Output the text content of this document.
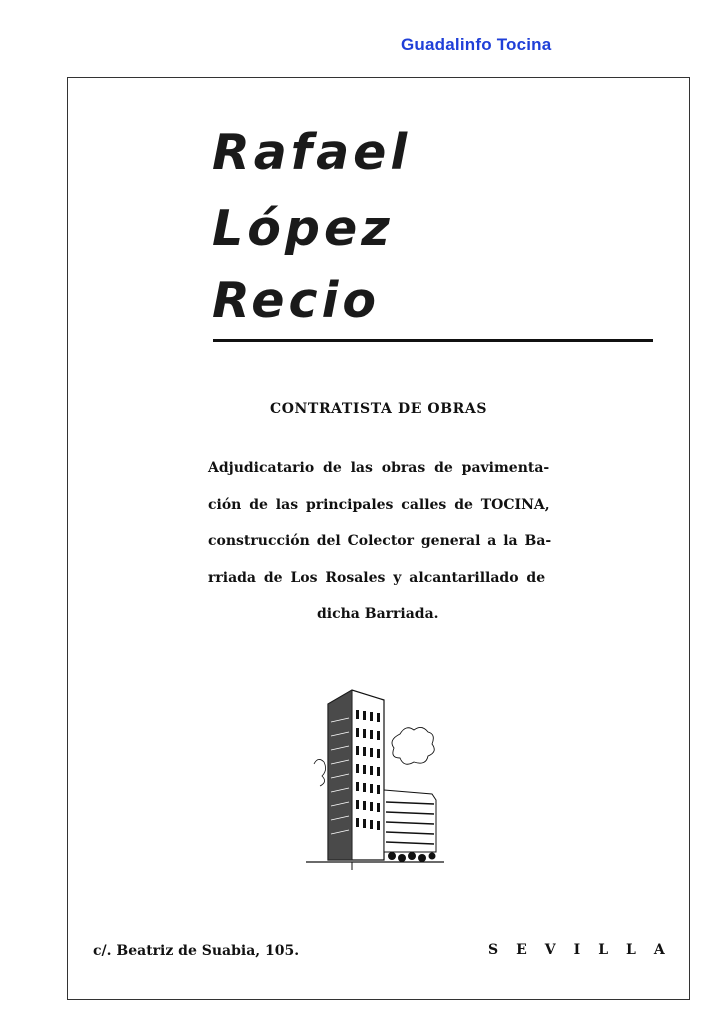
Guadalinfo Tocina
Rafael
López
Recio
CONTRATISTA DE OBRAS
Adjudicatario de las obras de pavimenta-
ción de las principales calles de TOCINA,
construcción del Colector general a la Ba-
rriada de Los Rosales y alcantarillado de
dicha Barriada.
c/. Beatriz de Suabia, 105.	SEVILLA
